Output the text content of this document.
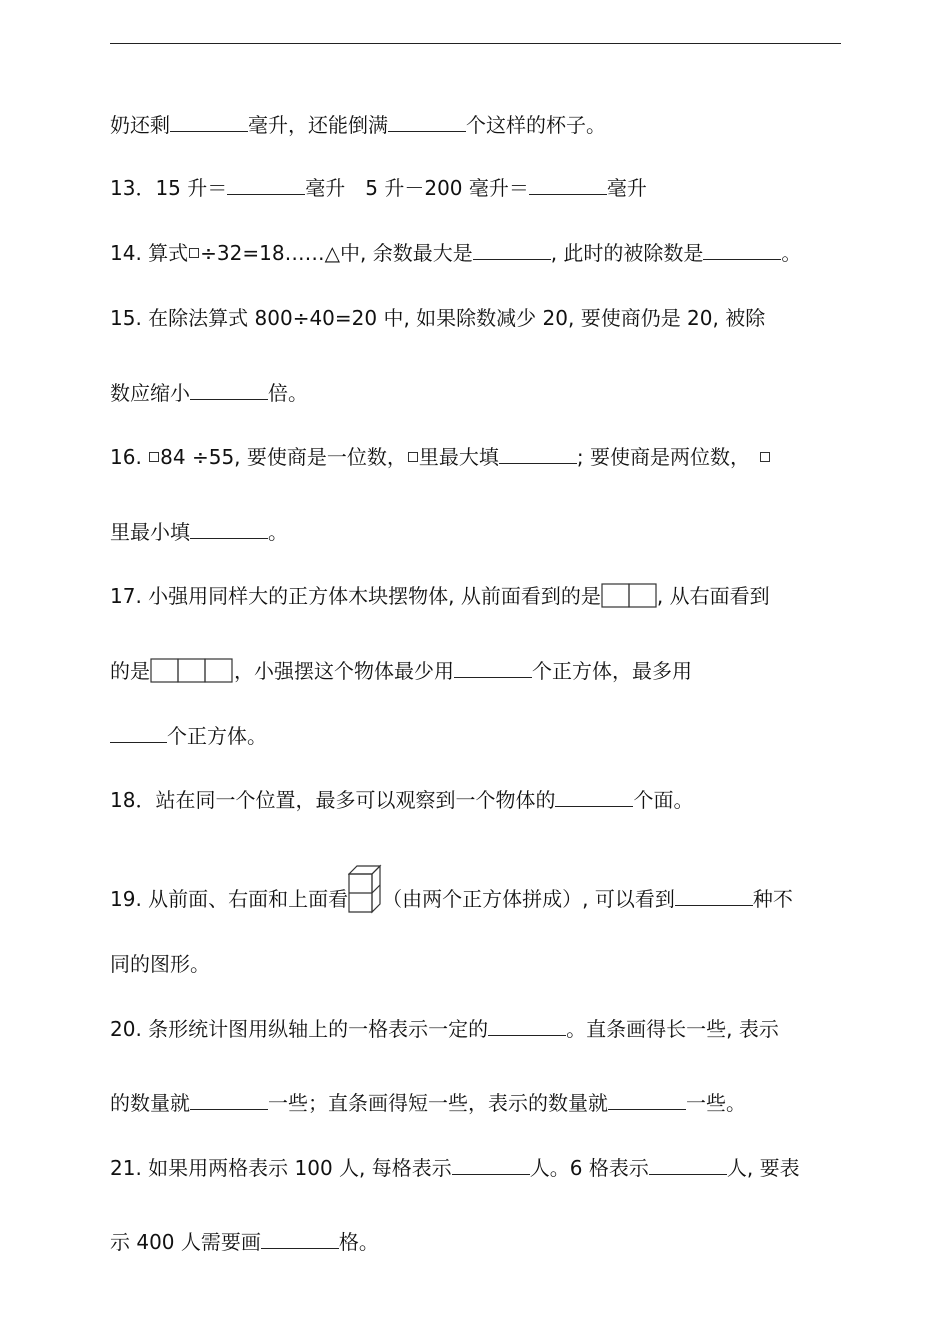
奶还剩	毫升，还能倒满	个这样的杯子。
13．15 升＝	毫升　5 升－200 毫升＝	毫升
14. 算式 ÷32=18……△中, 余数最大是	, 此时的被除数是	。
15. 在除法算式 800÷40=20 中, 如果除数减少 20, 要使商仍是 20, 被除
数应缩小	倍。
16. 84 ÷55, 要使商是一位数， 里最大填	; 要使商是两位数，
里最小填	。
17. 小强用同样大的正方体木块摆物体, 从前面看到的是	, 从右面看到
的是	，小强摆这个物体最少用	个正方体，最多用
个正方体。
18．站在同一个位置，最多可以观察到一个物体的	个面。
19. 从前面、右面和上面看 （由两个正方体拼成）, 可以看到	种不
同的图形。
20. 条形统计图用纵轴上的一格表示一定的	。直条画得长一些, 表示
的数量就	一些；直条画得短一些，表示的数量就	一些。
21. 如果用两格表示 100 人, 每格表示	人。6 格表示	人, 要表
示 400 人需要画	格。
